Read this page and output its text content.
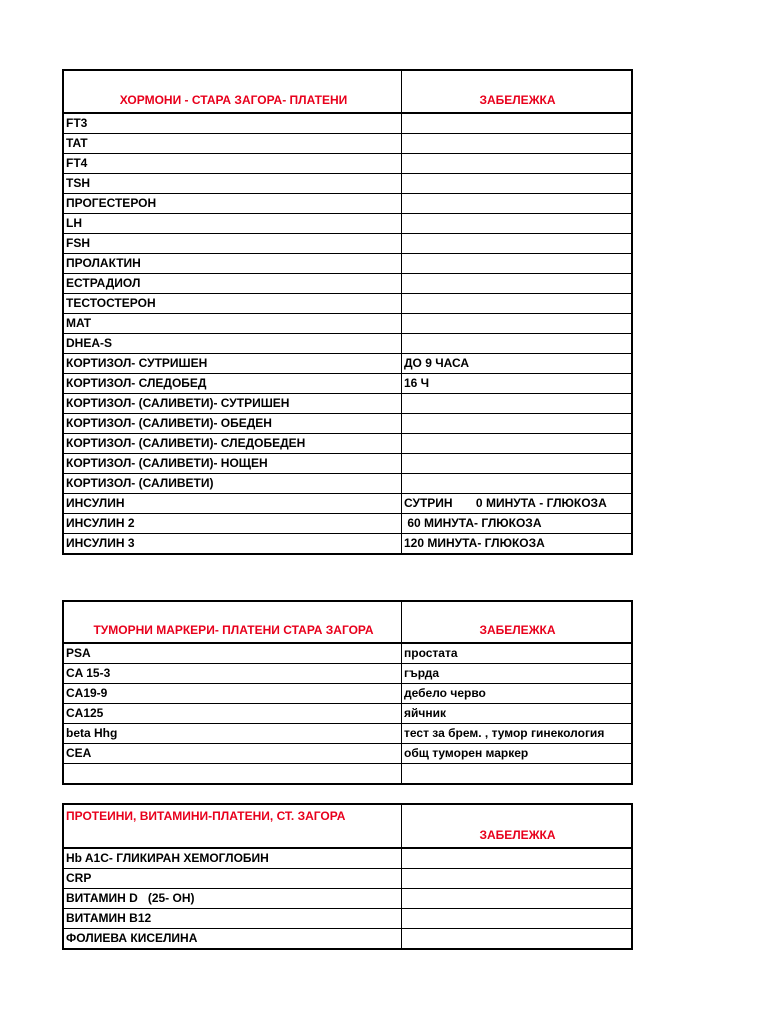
ХОРМОНИ - СТАРА ЗАГОРА- ПЛАТЕНИ	ЗАБЕЛЕЖКА
FT3	
TAT	
FT4	
TSH	
ПРОГЕСТЕРОН	
LH	
FSH	
ПРОЛАКТИН	
ЕСТРАДИОЛ	
ТЕСТОСТЕРОН	
MAT	
DHEA-S	
КОРТИЗОЛ- СУТРИШЕН	ДО 9 ЧАСА
КОРТИЗОЛ- СЛЕДОБЕД	16 Ч
КОРТИЗОЛ- (САЛИВЕТИ)- СУТРИШЕН	
КОРТИЗОЛ- (САЛИВЕТИ)- ОБЕДЕН	
КОРТИЗОЛ- (САЛИВЕТИ)- СЛЕДОБЕДЕН	
КОРТИЗОЛ- (САЛИВЕТИ)- НОЩЕН	
КОРТИЗОЛ- (САЛИВЕТИ)	
ИНСУЛИН	СУТРИН       0 МИНУТА - ГЛЮКОЗА
ИНСУЛИН 2	60 МИНУТА- ГЛЮКОЗА
ИНСУЛИН 3	120 МИНУТА- ГЛЮКОЗА
ТУМОРНИ МАРКЕРИ- ПЛАТЕНИ СТАРА ЗАГОРА	ЗАБЕЛЕЖКА
PSA	простата
CA 15-3	гърда
CA19-9	дебело черво
CA125	яйчник
beta Hhg	тест за брем. , тумор гинекология
CEA	общ туморен маркер

ПРОТЕИНИ, ВИТАМИНИ-ПЛАТЕНИ, СТ. ЗАГОРА	ЗАБЕЛЕЖКА
Hb A1C- ГЛИКИРАН ХЕМОГЛОБИН	
CRP	
ВИТАМИН D   (25- OH)	
ВИТАМИН B12	
ФОЛИЕВА КИСЕЛИНА	
